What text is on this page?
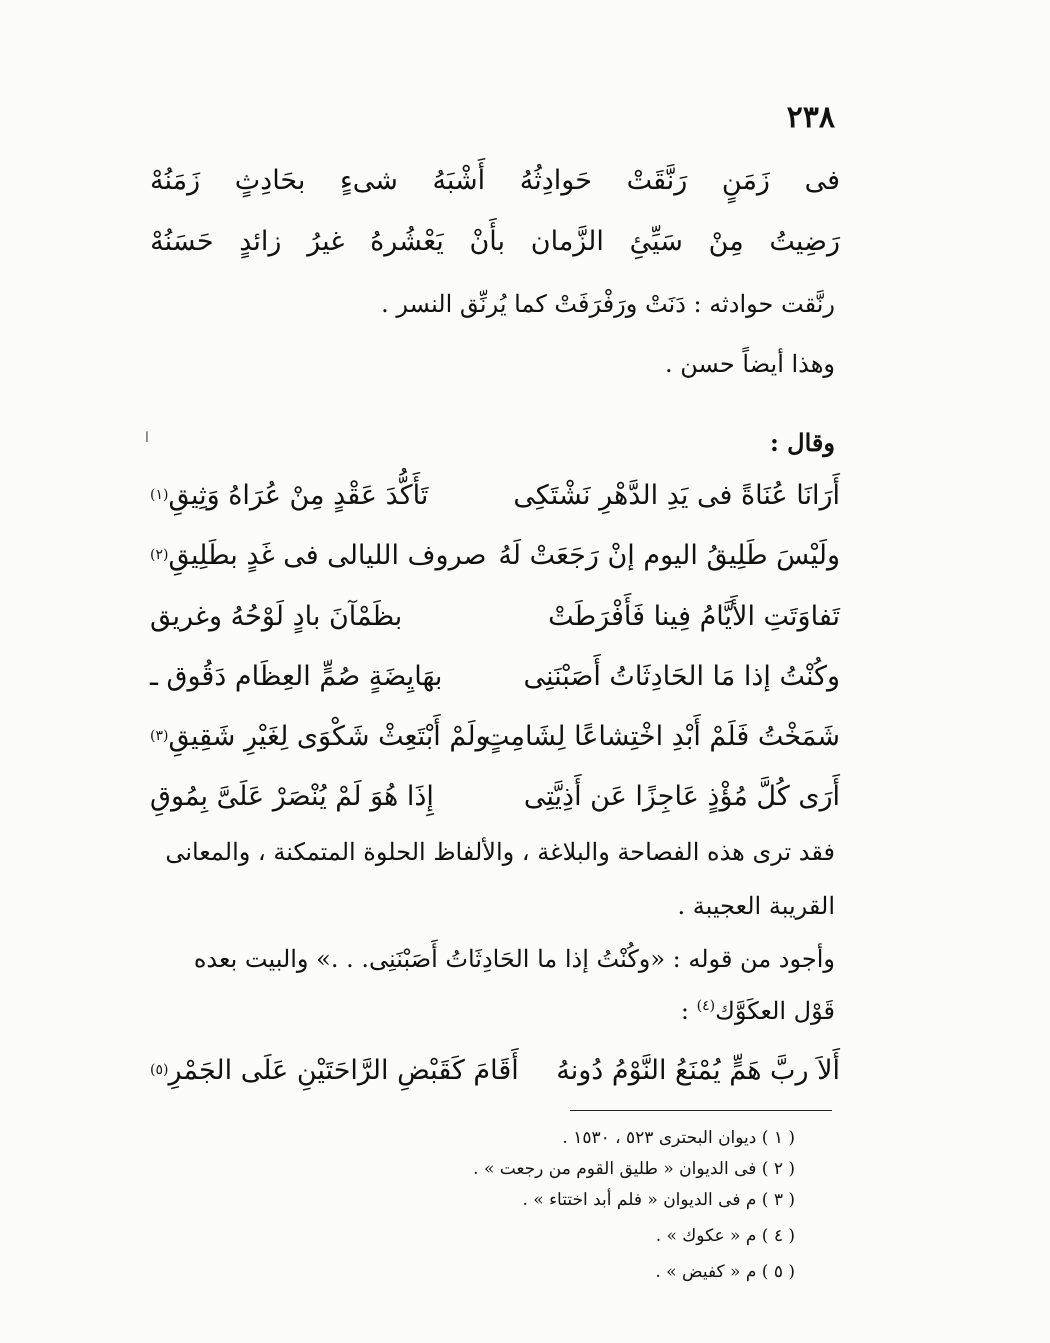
٢٣٨
فى
زَمَنٍ
رَنَّقَتْ
حَوادِثُهُ
أَشْبَهُ
شىءٍ
بحَادِثٍ
زَمَنُهْ
رَضِيتُ
مِنْ
سَيِّئِ
الزَّمان
بأَنْ
يَعْشُرهُ
غيرُ
زائدٍ
حَسَنُهْ
رنَّقت حوادثه : دَنَتْ ورَفْرَفَتْ كما يُرنِّق النسر .
وهذا أيضاً حسن .
ا	وقال :
أَرَانَا عُنَاةً فى يَدِ الدَّهْرِ نَشْتَكِى
تَأَكُّدَ عَقْدٍ مِنْ عُرَاهُ وَثِيقِ
(١)
ولَيْسَ طَلِيقُ اليوم إنْ رَجَعَتْ لَهُ
صروف الليالى فى غَدٍ بطَلِيقِ
(٢)
تَفاوَتَتِ الأَيَّامُ فِينا فَأَفْرَطَتْ
بظَمْآنَ بادٍ لَوْحُهُ وغريق
وكُنْتُ إذا مَا الحَادِثَاتُ أَصَبْنَنِى
بهَايِضَةٍ صُمٍّ العِظَام دَقُوق ـ
شَمَخْتُ فَلَمْ أَبْدِ اخْتِشاعًا لِشَامِتٍ
ولَمْ أَبْتَعِثْ شَكْوَى لِغَيْرِ شَقِيقِ
(٣)
أَرَى كُلَّ مُؤْذٍ عَاجِزًا عَن أَذِيَّتِى
إِذَا هُوَ لَمْ يُنْصَرْ عَلَىَّ بِمُوقِ
فقد ترى هذه الفصاحة والبلاغة ، والألفاظ الحلوة المتمكنة ، والمعانى
القريبة العجيبة .
وأجود من قوله : «وكُنْتُ إذا ما الحَادِثَاتُ أَصَبْنَنِى. . .» والبيت بعده
قَوْل العكَوَّك$^{(٤)}$ :
أَلاَ ربَّ هَمٍّ يُمْنَعُ النَّوْمُ دُونهُ
أَقَامَ كَقَبْضِ الرَّاحَتَيْنِ عَلَى الجَمْرِ
(٥)
( ١ ) ديوان البحترى ٥٢٣ ، ١٥٣٠ .
( ٢ ) فى الديوان « طليق القوم من رجعت » .
( ٣ ) م فى الديوان « فلم أبد اختتاء » .
( ٤ ) م « عكوك » .
( ٥ ) م « كفيض » .
